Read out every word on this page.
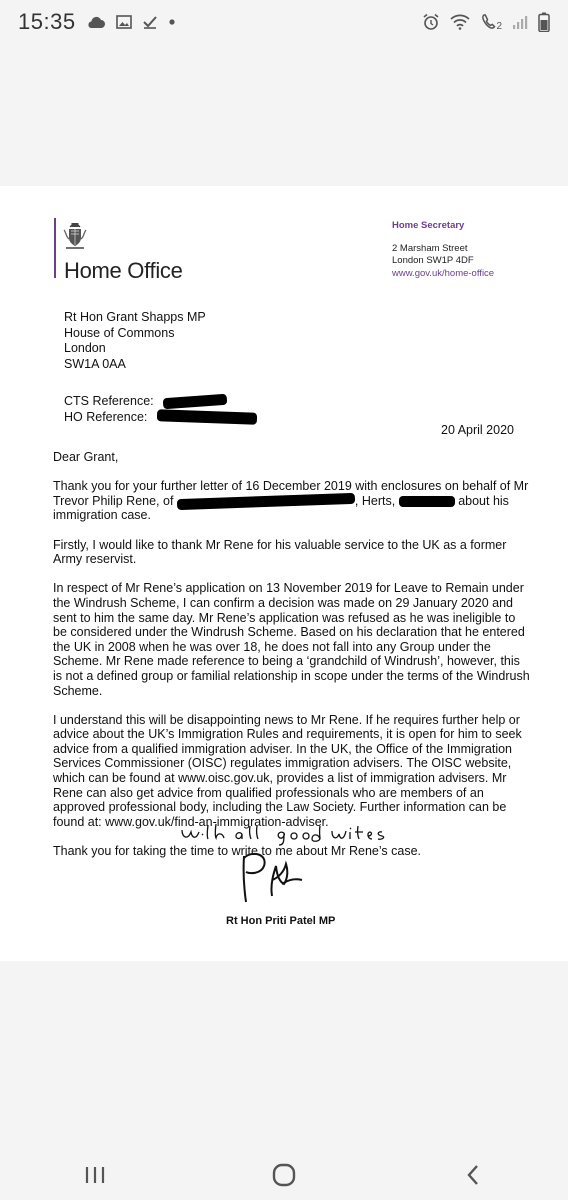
15:35	2
Home Office
Home Secretary
2 Marsham Street
London SW1P 4DF
www.gov.uk/home-office
Rt Hon Grant Shapps MP
House of Commons
London
SW1A 0AA
CTS Reference:
HO Reference:
20 April 2020

Dear Grant,

Thank you for your further letter of 16 December 2019 with enclosures on behalf of Mr Trevor Philip Rene, of	, Herts,	about his immigration case.

Firstly, I would like to thank Mr Rene for his valuable service to the UK as a former Army reservist.

In respect of Mr Rene’s application on 13 November 2019 for Leave to Remain under the Windrush Scheme, I can confirm a decision was made on 29 January 2020 and sent to him the same day. Mr Rene’s application was refused as he was ineligible to be considered under the Windrush Scheme. Based on his declaration that he entered the UK in 2008 when he was over 18, he does not fall into any Group under the Scheme. Mr Rene made reference to being a ‘grandchild of Windrush’, however, this is not a defined group or familial relationship in scope under the terms of the Windrush Scheme.

I understand this will be disappointing news to Mr Rene. If he requires further help or advice about the UK’s Immigration Rules and requirements, it is open for him to seek advice from a qualified immigration adviser. In the UK, the Office of the Immigration Services Commissioner (OISC) regulates immigration advisers. The OISC website, which can be found at www.oisc.gov.uk, provides a list of immigration advisers. Mr Rene can also get advice from qualified professionals who are members of an approved professional body, including the Law Society. Further information can be found at: www.gov.uk/find-an-immigration-adviser.

Thank you for taking the time to write to me about Mr Rene’s case.

Rt Hon Priti Patel MP
